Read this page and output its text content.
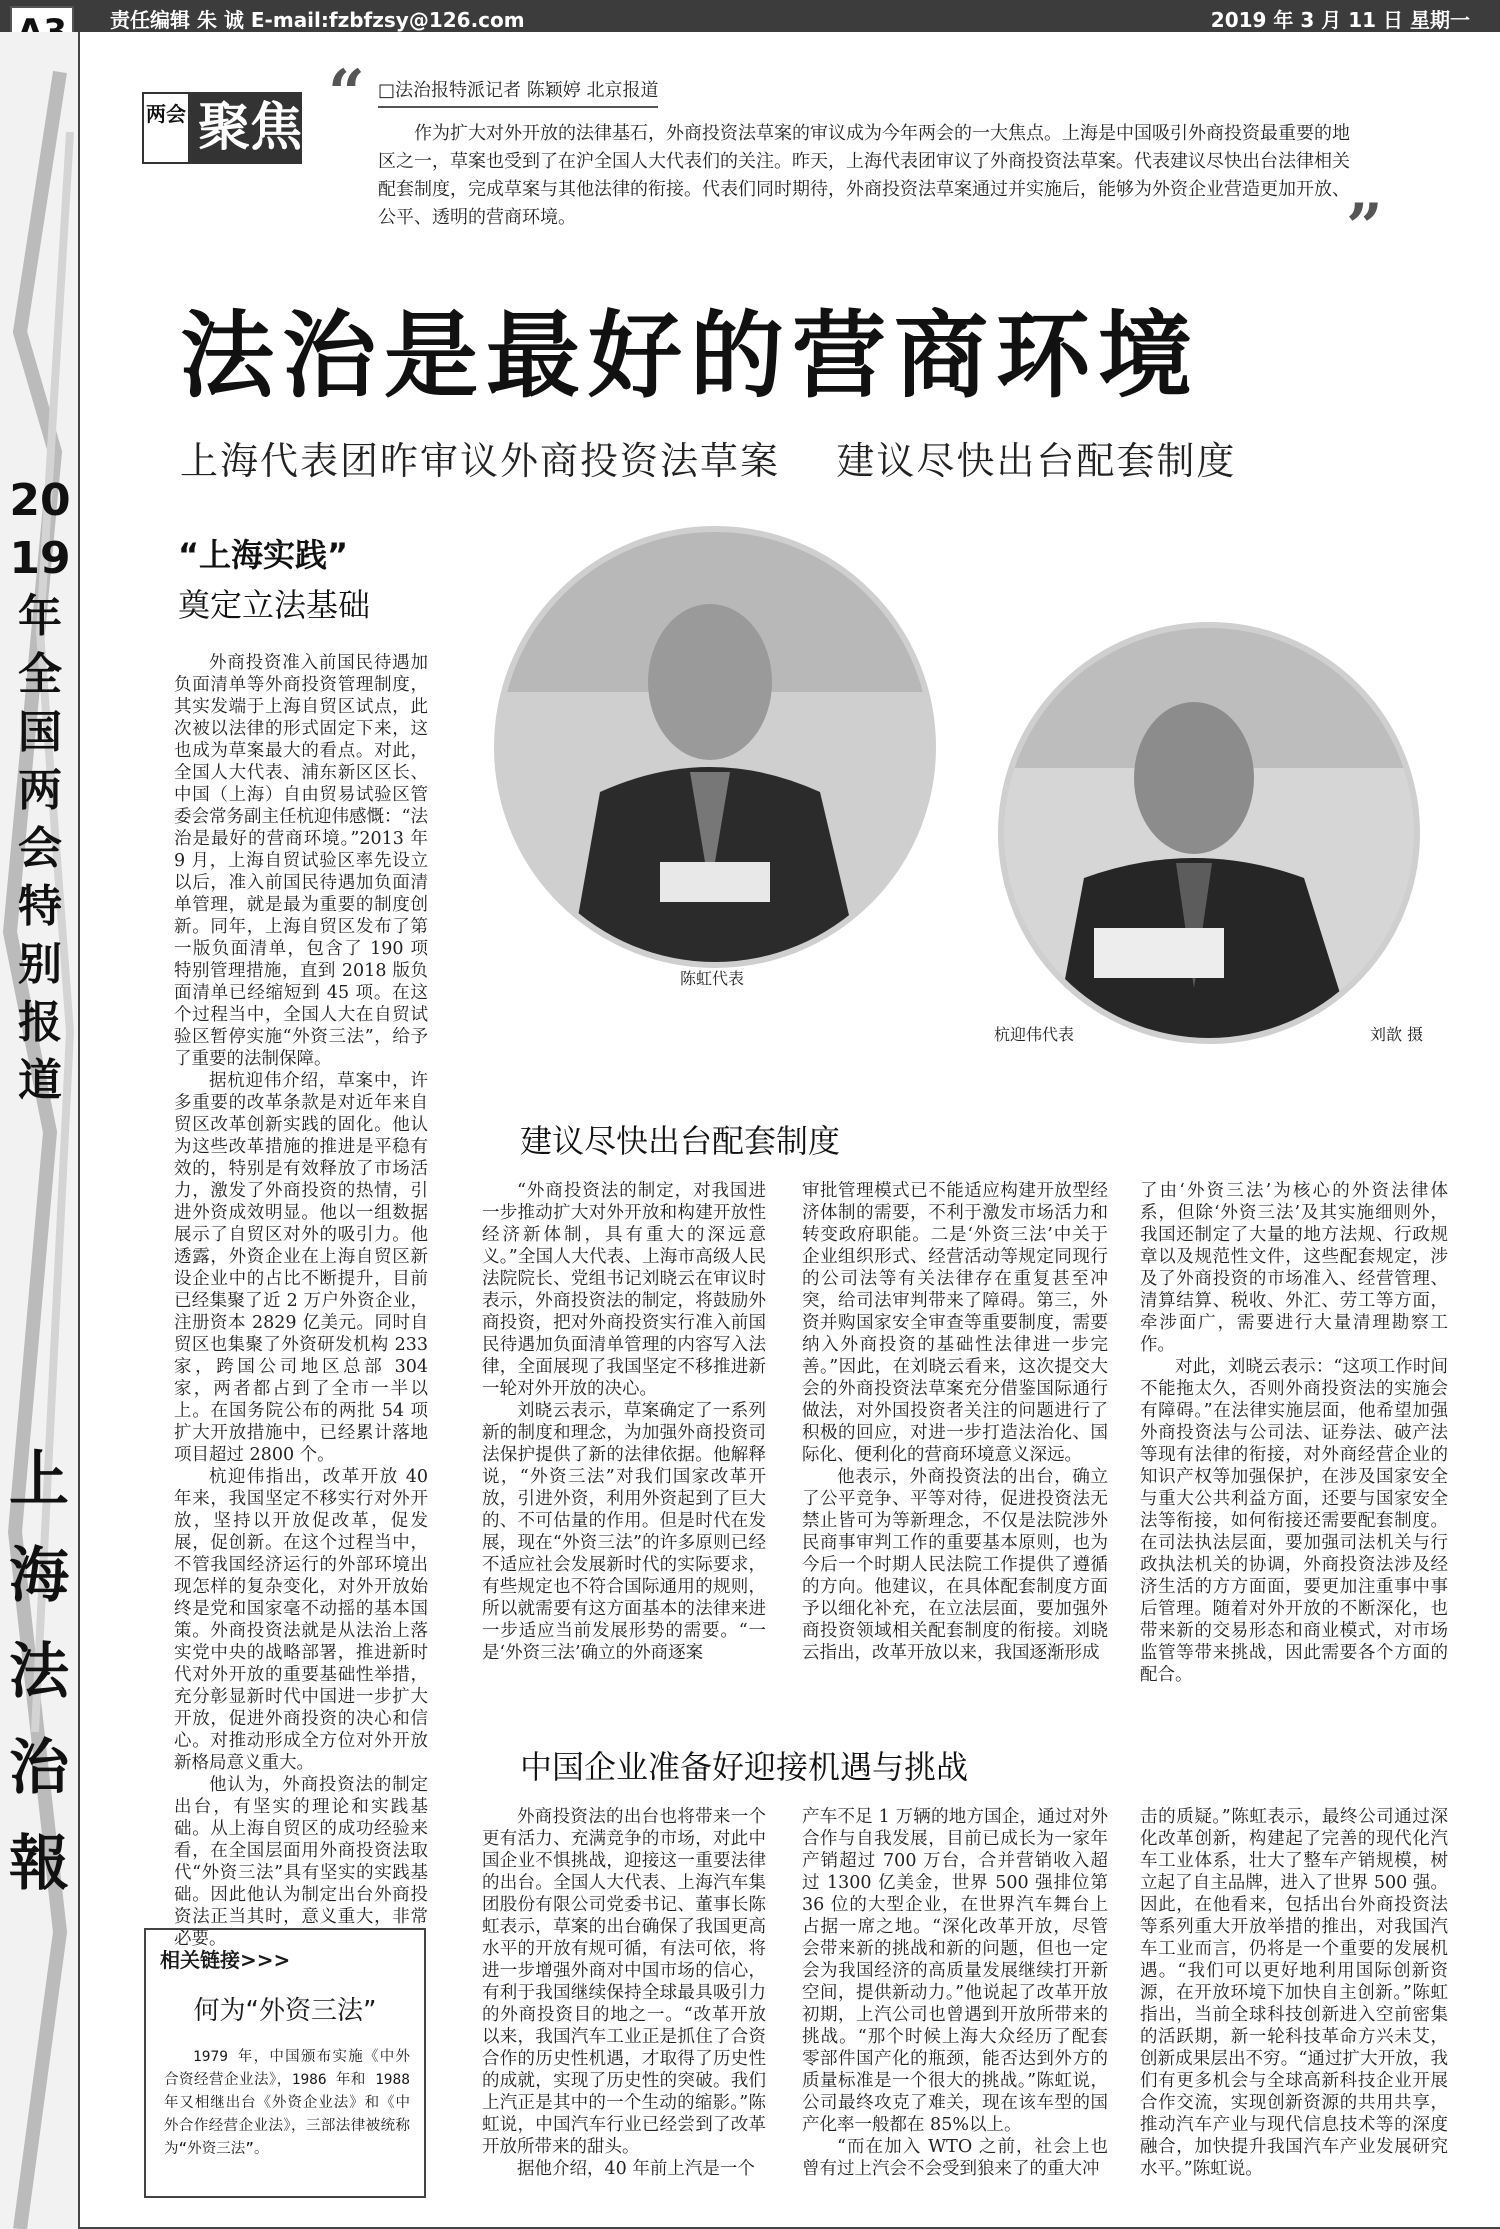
责任编辑 朱 诚 E-mail:fzbfzsy@126.com	2019 年 3 月 11 日 星期一
2019年全国两会特别报道
上海法治報
两会 聚焦 “ □法治报特派记者 陈颖婷 北京报道
作为扩大对外开放的法律基石，外商投资法草案的审议成为今年两会的一大焦点。上海是中国吸引外商投资最重要的地区之一，草案也受到了在沪全国人大代表们的关注。昨天，上海代表团审议了外商投资法草案。代表建议尽快出台法律相关配套制度，完成草案与其他法律的衔接。代表们同时期待，外商投资法草案通过并实施后，能够为外资企业营造更加开放、公平、透明的营商环境。	”
法治是最好的营商环境
上海代表团昨审议外商投资法草案    建议尽快出台配套制度
“上海实践”
奠定立法基础

外商投资准入前国民待遇加负面清单等外商投资管理制度，其实发端于上海自贸区试点，此次被以法律的形式固定下来，这也成为草案最大的看点。对此，全国人大代表、浦东新区区长、中国（上海）自由贸易试验区管委会常务副主任杭迎伟感慨：“法治是最好的营商环境。”2013 年 9 月，上海自贸试验区率先设立以后，准入前国民待遇加负面清单管理，就是最为重要的制度创新。同年，上海自贸区发布了第一版负面清单，包含了 190 项特别管理措施，直到 2018 版负面清单已经缩短到 45 项。在这个过程当中，全国人大在自贸试验区暂停实施“外资三法”，给予了重要的法制保障。

据杭迎伟介绍，草案中，许多重要的改革条款是对近年来自贸区改革创新实践的固化。他认为这些改革措施的推进是平稳有效的，特别是有效释放了市场活力，激发了外商投资的热情，引进外资成效明显。他以一组数据展示了自贸区对外的吸引力。他透露，外资企业在上海自贸区新设企业中的占比不断提升，目前已经集聚了近 2 万户外资企业，注册资本 2829 亿美元。同时自贸区也集聚了外资研发机构 233 家，跨国公司地区总部 304 家，两者都占到了全市一半以上。在国务院公布的两批 54 项扩大开放措施中，已经累计落地项目超过 2800 个。

杭迎伟指出，改革开放 40 年来，我国坚定不移实行对外开放，坚持以开放促改革，促发展，促创新。在这个过程当中，不管我国经济运行的外部环境出现怎样的复杂变化，对外开放始终是党和国家毫不动摇的基本国策。外商投资法就是从法治上落实党中央的战略部署，推进新时代对外开放的重要基础性举措，充分彰显新时代中国进一步扩大开放，促进外商投资的决心和信心。对推动形成全方位对外开放新格局意义重大。

他认为，外商投资法的制定出台，有坚实的理论和实践基础。从上海自贸区的成功经验来看，在全国层面用外商投资法取代“外资三法”具有坚实的实践基础。因此他认为制定出台外商投资法正当其时，意义重大，非常必要。

陈虹代表
杭迎伟代表	刘歆 摄
建议尽快出台配套制度

“外商投资法的制定，对我国进一步推动扩大对外开放和构建开放性经济新体制，具有重大的深远意义。”全国人大代表、上海市高级人民法院院长、党组书记刘晓云在审议时表示，外商投资法的制定，将鼓励外商投资，把对外商投资实行准入前国民待遇加负面清单管理的内容写入法律，全面展现了我国坚定不移推进新一轮对外开放的决心。

刘晓云表示，草案确定了一系列新的制度和理念，为加强外商投资司法保护提供了新的法律依据。他解释说，“外资三法”对我们国家改革开放，引进外资，利用外资起到了巨大的、不可估量的作用。但是时代在发展，现在“外资三法”的许多原则已经不适应社会发展新时代的实际要求，有些规定也不符合国际通用的规则，所以就需要有这方面基本的法律来进一步适应当前发展形势的需要。“一是‘外资三法’确立的外商逐案

审批管理模式已不能适应构建开放型经济体制的需要，不利于激发市场活力和转变政府职能。二是‘外资三法’中关于企业组织形式、经营活动等规定同现行的公司法等有关法律存在重复甚至冲突，给司法审判带来了障碍。第三，外资并购国家安全审查等重要制度，需要纳入外商投资的基础性法律进一步完善。”因此，在刘晓云看来，这次提交大会的外商投资法草案充分借鉴国际通行做法，对外国投资者关注的问题进行了积极的回应，对进一步打造法治化、国际化、便利化的营商环境意义深远。

他表示，外商投资法的出台，确立了公平竞争、平等对待，促进投资法无禁止皆可为等新理念，不仅是法院涉外民商事审判工作的重要基本原则，也为今后一个时期人民法院工作提供了遵循的方向。他建议，在具体配套制度方面予以细化补充，在立法层面，要加强外商投资领域相关配套制度的衔接。刘晓云指出，改革开放以来，我国逐渐形成

了由‘外资三法’为核心的外资法律体系，但除‘外资三法’及其实施细则外，我国还制定了大量的地方法规、行政规章以及规范性文件，这些配套规定，涉及了外商投资的市场准入、经营管理、清算结算、税收、外汇、劳工等方面，牵涉面广，需要进行大量清理勘察工作。

对此，刘晓云表示：“这项工作时间不能拖太久，否则外商投资法的实施会有障碍。”在法律实施层面，他希望加强外商投资法与公司法、证券法、破产法等现有法律的衔接，对外商经营企业的知识产权等加强保护，在涉及国家安全与重大公共利益方面，还要与国家安全法等衔接，如何衔接还需要配套制度。在司法执法层面，要加强司法机关与行政执法机关的协调，外商投资法涉及经济生活的方方面面，要更加注重事中事后管理。随着对外开放的不断深化，也带来新的交易形态和商业模式，对市场监管等带来挑战，因此需要各个方面的配合。

中国企业准备好迎接机遇与挑战

外商投资法的出台也将带来一个更有活力、充满竞争的市场，对此中国企业不惧挑战，迎接这一重要法律的出台。全国人大代表、上海汽车集团股份有限公司党委书记、董事长陈虹表示，草案的出台确保了我国更高水平的开放有规可循，有法可依，将进一步增强外商对中国市场的信心，有利于我国继续保持全球最具吸引力的外商投资目的地之一。“改革开放以来，我国汽车工业正是抓住了合资合作的历史性机遇，才取得了历史性的成就，实现了历史性的突破。我们上汽正是其中的一个生动的缩影。”陈虹说，中国汽车行业已经尝到了改革开放所带来的甜头。

据他介绍，40 年前上汽是一个

产车不足 1 万辆的地方国企，通过对外合作与自我发展，目前已成长为一家年产销超过 700 万台，合并营销收入超过 1300 亿美金，世界 500 强排位第 36 位的大型企业，在世界汽车舞台上占据一席之地。“深化改革开放，尽管会带来新的挑战和新的问题，但也一定会为我国经济的高质量发展继续打开新空间，提供新动力。”他说起了改革开放初期，上汽公司也曾遇到开放所带来的挑战。“那个时候上海大众经历了配套零部件国产化的瓶颈，能否达到外方的质量标准是一个很大的挑战。”陈虹说，公司最终攻克了难关，现在该车型的国产化率一般都在 85%以上。

“而在加入 WTO 之前，社会上也曾有过上汽会不会受到狼来了的重大冲

击的质疑。”陈虹表示，最终公司通过深化改革创新，构建起了完善的现代化汽车工业体系，壮大了整车产销规模，树立起了自主品牌，进入了世界 500 强。因此，在他看来，包括出台外商投资法等系列重大开放举措的推出，对我国汽车工业而言，仍将是一个重要的发展机遇。“我们可以更好地利用国际创新资源，在开放环境下加快自主创新。”陈虹指出，当前全球科技创新进入空前密集的活跃期，新一轮科技革命方兴未艾，创新成果层出不穷。“通过扩大开放，我们有更多机会与全球高新科技企业开展合作交流，实现创新资源的共用共享，推动汽车产业与现代信息技术等的深度融合，加快提升我国汽车产业发展研究水平。”陈虹说。

相关链接>>>
何为“外资三法”
1979 年，中国颁布实施《中外合资经营企业法》，1986 年和 1988 年又相继出台《外资企业法》和《中外合作经营企业法》，三部法律被统称为“外资三法”。
